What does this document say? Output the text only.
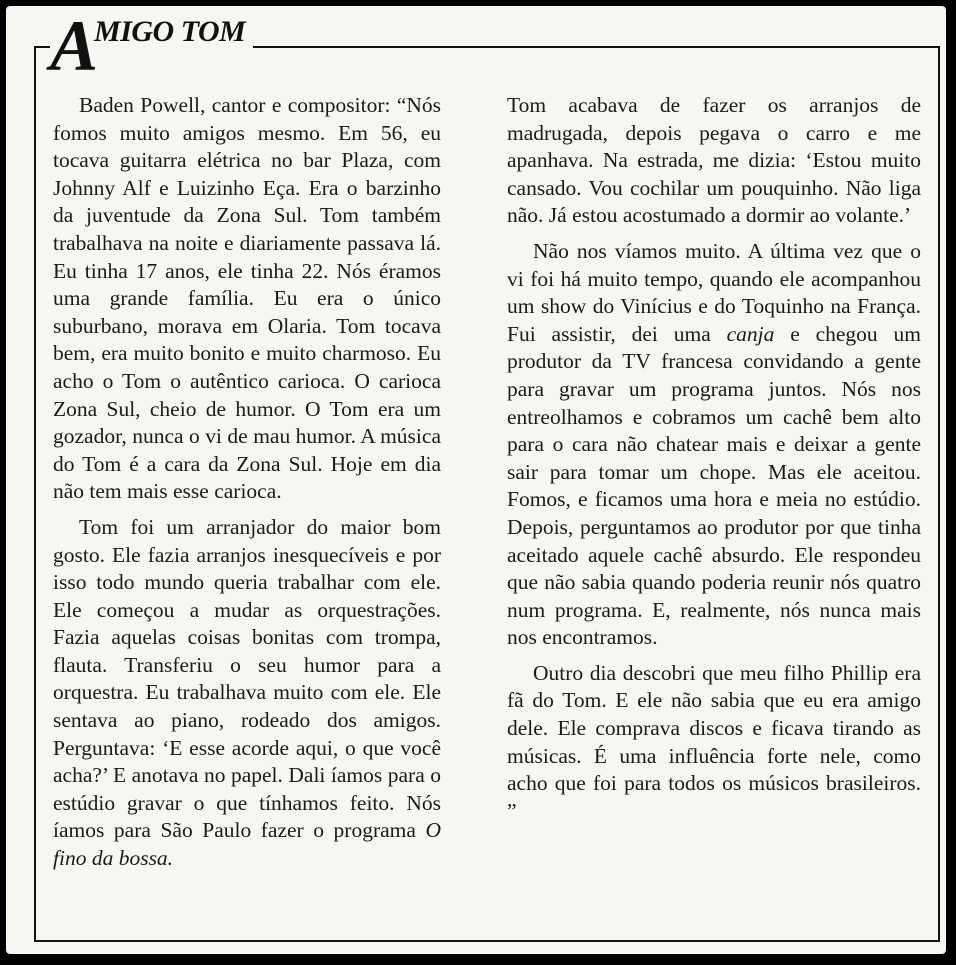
AMIGO TOM

Baden Powell, cantor e compositor: “Nós fomos muito amigos mesmo. Em 56, eu tocava guitarra elétrica no bar Plaza, com Johnny Alf e Luizinho Eça. Era o barzinho da juventude da Zona Sul. Tom também trabalhava na noite e diariamente passava lá. Eu tinha 17 anos, ele tinha 22. Nós éramos uma grande família. Eu era o único suburbano, morava em Olaria. Tom tocava bem, era muito bonito e muito charmoso. Eu acho o Tom o autêntico carioca. O carioca Zona Sul, cheio de humor. O Tom era um gozador, nunca o vi de mau humor. A música do Tom é a cara da Zona Sul. Hoje em dia não tem mais esse carioca.

Tom foi um arranjador do maior bom gosto. Ele fazia arranjos inesquecíveis e por isso todo mundo queria trabalhar com ele. Ele começou a mudar as orquestrações. Fazia aquelas coisas bonitas com trompa, flauta. Transferiu o seu humor para a orquestra. Eu trabalhava muito com ele. Ele sentava ao piano, rodeado dos amigos. Perguntava: ‘E esse acorde aqui, o que você acha?’ E anotava no papel. Dali íamos para o estúdio gravar o que tínhamos feito. Nós íamos para São Paulo fazer o programa O fino da bossa.

Tom acabava de fazer os arranjos de madrugada, depois pegava o carro e me apanhava. Na estrada, me dizia: ‘Estou muito cansado. Vou cochilar um pouquinho. Não liga não. Já estou acostumado a dormir ao volante.’

Não nos víamos muito. A última vez que o vi foi há muito tempo, quando ele acompanhou um show do Vinícius e do Toquinho na França. Fui assistir, dei uma canja e chegou um produtor da TV francesa convidando a gente para gravar um programa juntos. Nós nos entreolhamos e cobramos um cachê bem alto para o cara não chatear mais e deixar a gente sair para tomar um chope. Mas ele aceitou. Fomos, e ficamos uma hora e meia no estúdio. Depois, perguntamos ao produtor por que tinha aceitado aquele cachê absurdo. Ele respondeu que não sabia quando poderia reunir nós quatro num programa. E, realmente, nós nunca mais nos encontramos.

Outro dia descobri que meu filho Phillip era fã do Tom. E ele não sabia que eu era amigo dele. Ele comprava discos e ficava tirando as músicas. É uma influência forte nele, como acho que foi para todos os músicos brasileiros. ”
